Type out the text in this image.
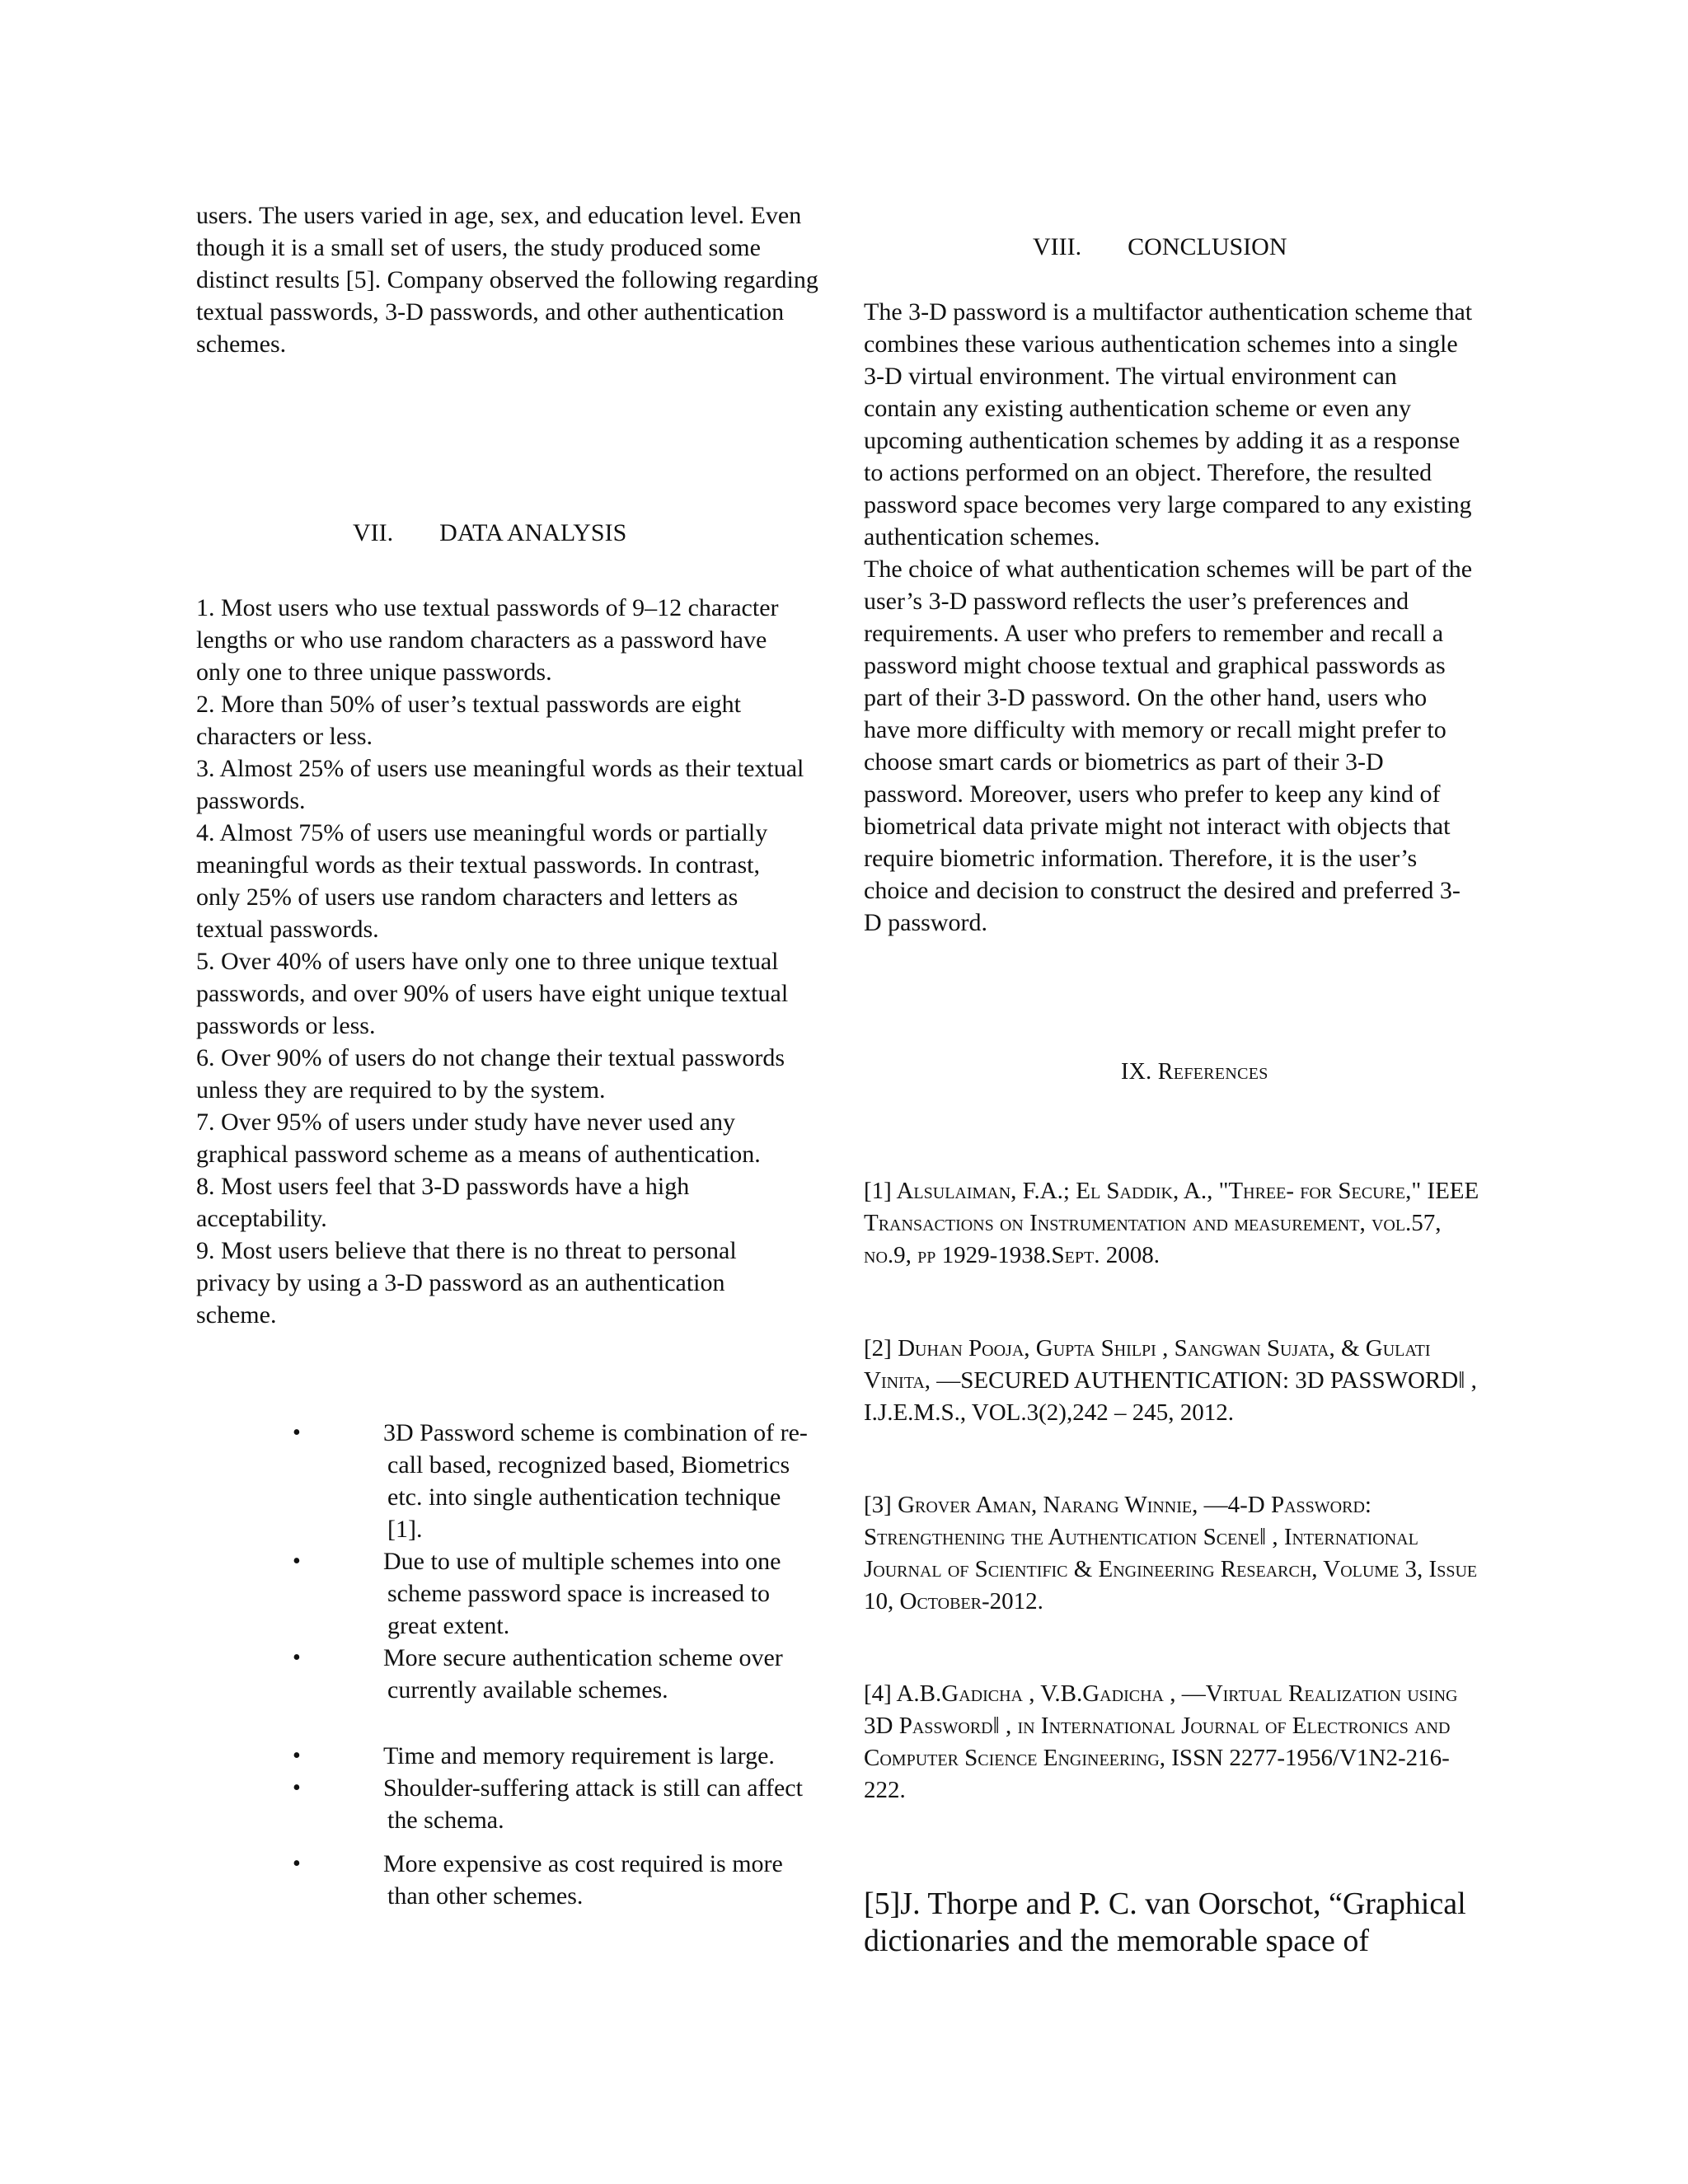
users. The users varied in age, sex, and education level. Even though it is a small set of users, the study produced some distinct results [5]. Company observed the following regarding textual passwords, 3-D passwords, and other authentication schemes.

VII. DATA ANALYSIS

1. Most users who use textual passwords of 9–12 character lengths or who use random characters as a password have only one to three unique passwords.

2. More than 50% of user’s textual passwords are eight characters or less.

3. Almost 25% of users use meaningful words as their textual passwords.

4. Almost 75% of users use meaningful words or partially meaningful words as their textual passwords. In contrast, only 25% of users use random characters and letters as textual passwords.

5. Over 40% of users have only one to three unique textual passwords, and over 90% of users have eight unique textual passwords or less.

6. Over 90% of users do not change their textual passwords unless they are required to by the system.

7. Over 95% of users under study have never used any graphical password scheme as a means of authentication.

8. Most users feel that 3-D passwords have a high acceptability.

9. Most users believe that there is no threat to personal privacy by using a 3-D password as an authentication scheme.

• 3D Password scheme is combination of re-call based, recognized based, Biometrics etc. into single authentication technique [1].
• Due to use of multiple schemes into one scheme password space is increased to great extent.
• More secure authentication scheme over currently available schemes.
• Time and memory requirement is large.
• Shoulder-suffering attack is still can affect the schema.
• More expensive as cost required is more than other schemes.

VIII. CONCLUSION

The 3-D password is a multifactor authentication scheme that combines these various authentication schemes into a single 3-D virtual environment. The virtual environment can contain any existing authentication scheme or even any upcoming authentication schemes by adding it as a response to actions performed on an object. Therefore, the resulted password space becomes very large compared to any existing authentication schemes.

The choice of what authentication schemes will be part of the user’s 3-D password reflects the user’s preferences and requirements. A user who prefers to remember and recall a password might choose textual and graphical passwords as part of their 3-D password. On the other hand, users who have more difficulty with memory or recall might prefer to choose smart cards or biometrics as part of their 3-D password. Moreover, users who prefer to keep any kind of biometrical data private might not interact with objects that require biometric information. Therefore, it is the user’s choice and decision to construct the desired and preferred 3-D password.

IX. References

[1] Alsulaiman, F.A.; El Saddik, A., "Three- for Secure," IEEE Transactions on Instrumentation and measurement, vol.57, no.9, pp 1929-1938.Sept. 2008.

[2] Duhan Pooja, Gupta Shilpi , Sangwan Sujata, & Gulati Vinita, ―SECURED AUTHENTICATION: 3D PASSWORD‖ , I.J.E.M.S., VOL.3(2),242 – 245, 2012.

[3] Grover Aman, Narang Winnie, ―4-D Password: Strengthening the Authentication Scene‖ , International Journal of Scientific & Engineering Research, Volume 3, Issue 10, October-2012.

[4] A.B.Gadicha , V.B.Gadicha , ―Virtual Realization using 3D Password‖ , in International Journal of Electronics and Computer Science Engineering, ISSN 2277-1956/V1N2-216-222.

[5]J. Thorpe and P. C. van Oorschot, “Graphical dictionaries and the memorable space of
